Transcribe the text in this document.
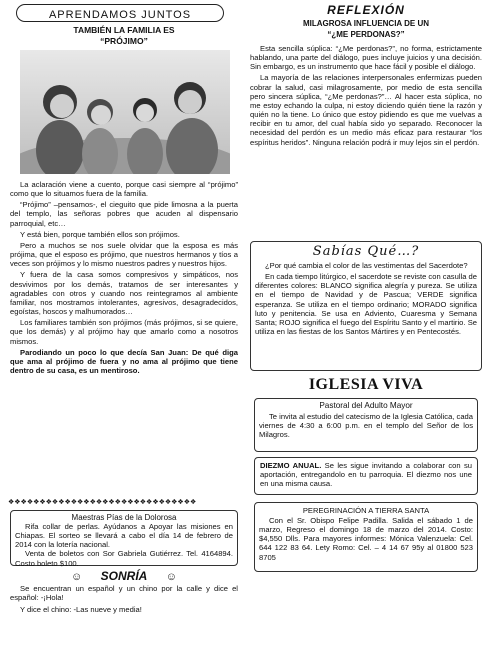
APRENDAMOS JUNTOS

TAMBIÉN LA FAMILIA ES

“PRÓJIMO”

La aclaración viene a cuento, porque casi siempre al “prójimo” como que lo situamos fuera de la familia.

“Prójimo” –pensamos-, el cieguito que pide limosna a la puerta del templo, las señoras pobres que acuden al dispensario parroquial, etc…

Y está bien, porque también ellos son prójimos.

Pero a muchos se nos suele olvidar que la esposa es más prójima, que el esposo es prójimo, que nuestros hermanos y tíos a veces son prójimos y lo mismo nuestros padres y nuestros hijos.

Y fuera de la casa somos compresivos y simpáticos, nos desvivimos por los demás, tratamos de ser interesantes y agradables con otros y cuando nos reintegramos al ambiente familiar, nos mostramos intolerantes, agresivos, desagradecidos, egoístas, hoscos y malhumorados…

Los familiares también son prójimos (más prójimos, si se quiere, que los demás) y al prójimo hay que amarlo como a nosotros mismos.

Parodiando un poco lo que decía San Juan: De qué diga que ama al prójimo de fuera y no ama al prójimo que tiene dentro de su casa, es un mentiroso.

❖❖❖❖❖❖❖❖❖❖❖❖❖❖❖❖❖❖❖❖❖❖❖❖❖❖❖❖❖❖

Maestras Pías de la Dolorosa

Rifa collar de perlas. Ayúdanos a Apoyar las misiones en Chiapas. El sorteo se llevará a cabo el día 14 de febrero de 2014 con la lotería nacional.

Venta de boletos con Sor Gabriela Gutiérrez. Tel. 4164894. Costo boleto $100.

☺ SONRÍA ☺

Se encuentran un español y un chino por la calle y dice el español: -¡Hola!

Y dice el chino: -Las nueve y media!

REFLEXIÓN

MILAGROSA INFLUENCIA DE UN

“¿ME PERDONAS?”

Esta sencilla súplica: “¿Me perdonas?”, no forma, estrictamente hablando, una parte del diálogo, pues incluye juicios y una decisión. Sin embargo, es un instrumento que hace fácil y posible el diálogo.

La mayoría de las relaciones interpersonales enfermizas pueden cobrar la salud, casi milagrosamente, por medio de esta sencilla pero sincera súplica, “¿Me perdonas?”… Al hacer esta súplica, no me estoy echando la culpa, ni estoy diciendo quién tiene la razón y quién no la tiene. Lo único que estoy pidiendo es que me vuelvas a recibir en tu amor, del cual había sido yo separado. Reconocer la necesidad del perdón es un medio más eficaz para restaurar “los espíritus heridos”. Ninguna relación podrá ir muy lejos sin el perdón.

Sabías Qué…?

¿Por qué cambia el color de las vestimentas del Sacerdote?

En cada tiempo litúrgico, el sacerdote se reviste con casulla de diferentes colores: BLANCO significa alegría y pureza. Se utiliza en el tiempo de Navidad y de Pascua; VERDE significa esperanza. Se utiliza en el tiempo ordinario; MORADO significa luto y penitencia. Se usa en Adviento, Cuaresma y Semana Santa; ROJO significa el fuego del Espíritu Santo y el martirio. Se utiliza en las fiestas de los Santos Mártires y en Pentecostés.

IGLESIA VIVA

Pastoral del Adulto Mayor

Te invita al estudio del catecismo de la Iglesia Católica, cada viernes de 4:30 a 6:00 p.m. en el templo del Señor de los Milagros.

DIEZMO ANUAL. Se les sigue invitando a colaborar con su aportación, entregandolo en tu parroquia. El diezmo nos une en una misma causa.

PEREGRINACIÓN A TIERRA SANTA

Con el Sr. Obispo Felipe Padilla. Salida el sábado 1 de marzo, Regreso el domingo 18 de marzo del 2014. Costo: $4,550 Dlls. Para mayores informes: Mónica Valenzuela: Cel. 644 122 83 64. Lety Romo: Cel. – 4 14 67 95y al 01800 523 8705
